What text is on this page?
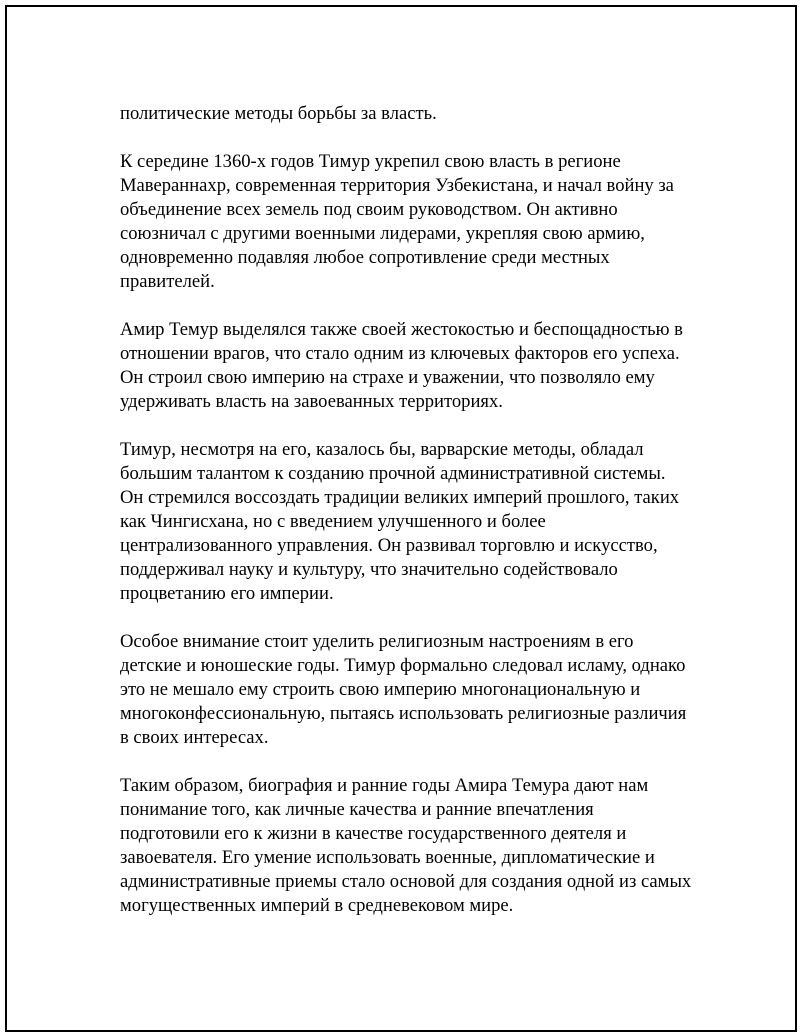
политические методы борьбы за власть.

К середине 1360-х годов Тимур укрепил свою власть в регионе
Мавераннахр, современная территория Узбекистана, и начал войну за
объединение всех земель под своим руководством. Он активно
союзничал с другими военными лидерами, укрепляя свою армию,
одновременно подавляя любое сопротивление среди местных
правителей.

Амир Темур выделялся также своей жестокостью и беспощадностью в
отношении врагов, что стало одним из ключевых факторов его успеха.
Он строил свою империю на страхе и уважении, что позволяло ему
удерживать власть на завоеванных территориях.

Тимур, несмотря на его, казалось бы, варварские методы, обладал
большим талантом к созданию прочной административной системы.
Он стремился воссоздать традиции великих империй прошлого, таких
как Чингисхана, но с введением улучшенного и более
централизованного управления. Он развивал торговлю и искусство,
поддерживал науку и культуру, что значительно содействовало
процветанию его империи.

Особое внимание стоит уделить религиозным настроениям в его
детские и юношеские годы. Тимур формально следовал исламу, однако
это не мешало ему строить свою империю многонациональную и
многоконфессиональную, пытаясь использовать религиозные различия
в своих интересах.

Таким образом, биография и ранние годы Амира Темура дают нам
понимание того, как личные качества и ранние впечатления
подготовили его к жизни в качестве государственного деятеля и
завоевателя. Его умение использовать военные, дипломатические и
административные приемы стало основой для создания одной из самых
могущественных империй в средневековом мире.
